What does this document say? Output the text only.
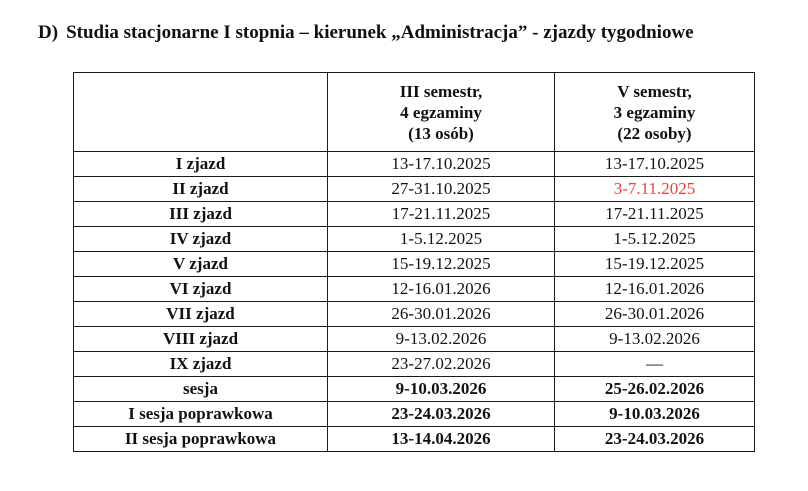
D) Studia stacjonarne I stopnia – kierunek „Administracja” - zjazdy tygodniowe

	III semestr,
4 egzaminy
(13 osób)	V semestr,
3 egzaminy
(22 osoby)

I zjazd	13-17.10.2025	13-17.10.2025
II zjazd	27-31.10.2025	3-7.11.2025
III zjazd	17-21.11.2025	17-21.11.2025
IV zjazd	1-5.12.2025	1-5.12.2025
V zjazd	15-19.12.2025	15-19.12.2025
VI zjazd	12-16.01.2026	12-16.01.2026
VII zjazd	26-30.01.2026	26-30.01.2026
VIII zjazd	9-13.02.2026	9-13.02.2026
IX zjazd	23-27.02.2026	—
sesja	9-10.03.2026	25-26.02.2026
I sesja poprawkowa	23-24.03.2026	9-10.03.2026
II sesja poprawkowa	13-14.04.2026	23-24.03.2026
